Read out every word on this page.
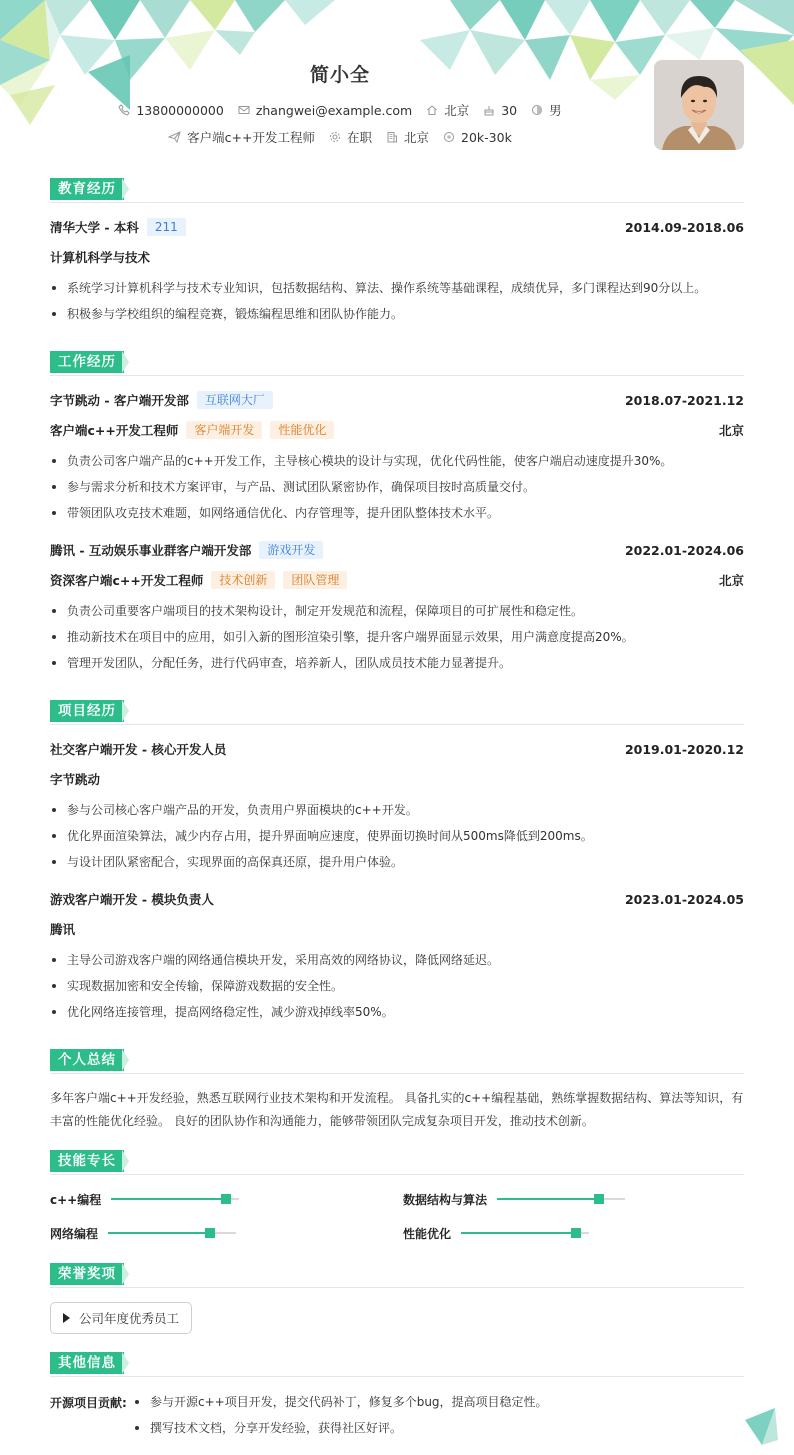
简小全
13800000000	zhangwei@example.com	北京	30	男
客户端c++开发工程师	在职	北京	20k-30k
教育经历
清华大学 - 本科	211	2014.09-2018.06
计算机科学与技术
系统学习计算机科学与技术专业知识，包括数据结构、算法、操作系统等基础课程，成绩优异，多门课程达到90分以上。
积极参与学校组织的编程竞赛，锻炼编程思维和团队协作能力。
工作经历
字节跳动 - 客户端开发部	互联网大厂	2018.07-2021.12
客户端c++开发工程师	客户端开发	性能优化	北京
负责公司客户端产品的c++开发工作，主导核心模块的设计与实现，优化代码性能，使客户端启动速度提升30%。
参与需求分析和技术方案评审，与产品、测试团队紧密协作，确保项目按时高质量交付。
带领团队攻克技术难题，如网络通信优化、内存管理等，提升团队整体技术水平。
腾讯 - 互动娱乐事业群客户端开发部	游戏开发	2022.01-2024.06
资深客户端c++开发工程师	技术创新	团队管理	北京
负责公司重要客户端项目的技术架构设计，制定开发规范和流程，保障项目的可扩展性和稳定性。
推动新技术在项目中的应用，如引入新的图形渲染引擎，提升客户端界面显示效果，用户满意度提高20%。
管理开发团队，分配任务，进行代码审查，培养新人，团队成员技术能力显著提升。
项目经历
社交客户端开发 - 核心开发人员	2019.01-2020.12
字节跳动
参与公司核心客户端产品的开发，负责用户界面模块的c++开发。
优化界面渲染算法，减少内存占用，提升界面响应速度，使界面切换时间从500ms降低到200ms。
与设计团队紧密配合，实现界面的高保真还原，提升用户体验。
游戏客户端开发 - 模块负责人	2023.01-2024.05
腾讯
主导公司游戏客户端的网络通信模块开发，采用高效的网络协议，降低网络延迟。
实现数据加密和安全传输，保障游戏数据的安全性。
优化网络连接管理，提高网络稳定性，减少游戏掉线率50%。
个人总结
多年客户端c++开发经验，熟悉互联网行业技术架构和开发流程。 具备扎实的c++编程基础，熟练掌握数据结构、算法等知识，有
丰富的性能优化经验。 良好的团队协作和沟通能力，能够带领团队完成复杂项目开发，推动技术创新。
技能专长
c++编程	数据结构与算法
网络编程	性能优化
荣誉奖项
公司年度优秀员工
其他信息
开源项目贡献:	参与开源c++项目开发，提交代码补丁，修复多个bug，提高项目稳定性。
撰写技术文档，分享开发经验，获得社区好评。
